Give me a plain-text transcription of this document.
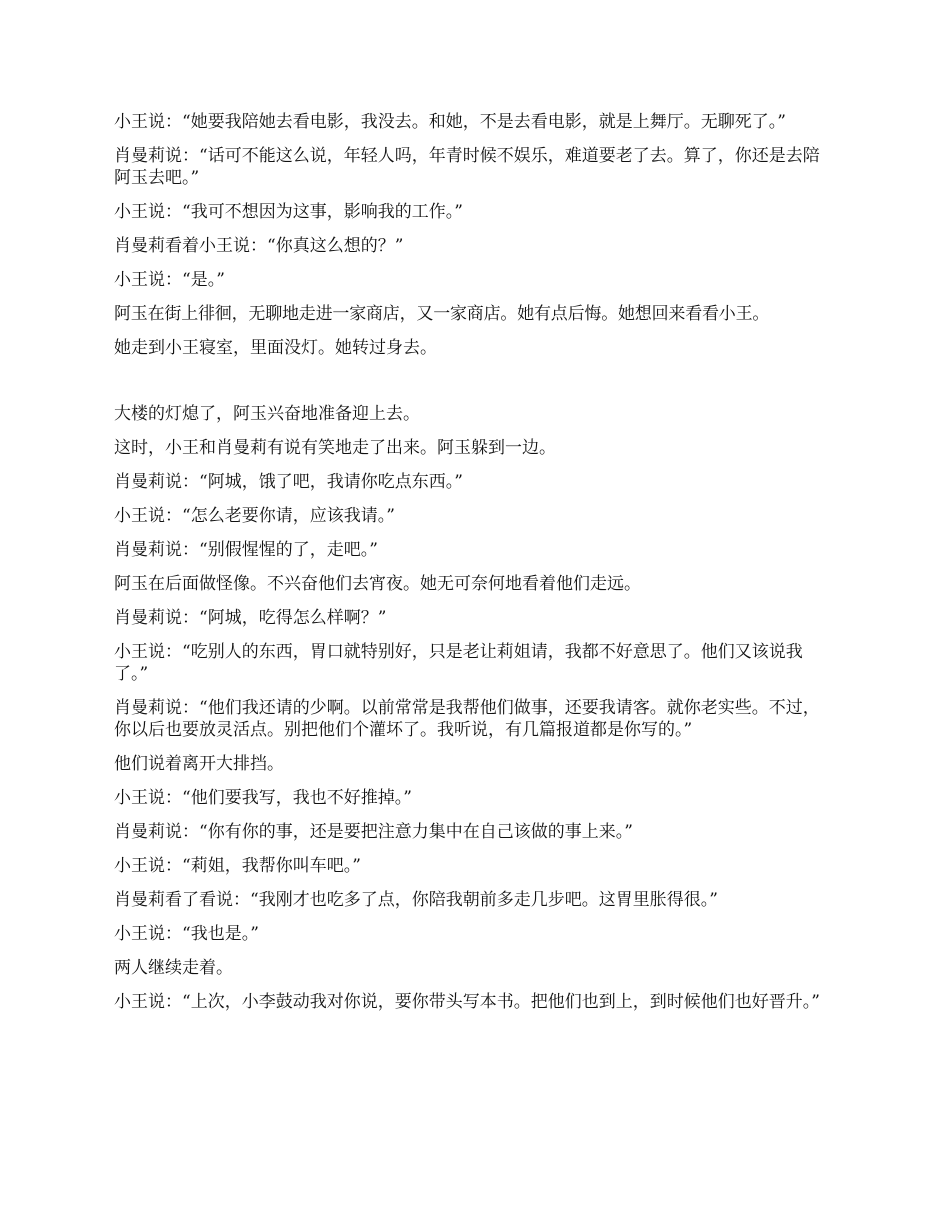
小王说：“她要我陪她去看电影，我没去。和她，不是去看电影，就是上舞厅。无聊死了。”

肖曼莉说：“话可不能这么说，年轻人吗，年青时候不娱乐，难道要老了去。算了，你还是去陪阿玉去吧。”

小王说：“我可不想因为这事，影响我的工作。”

肖曼莉看着小王说：“你真这么想的？”

小王说：“是。”

阿玉在街上徘徊，无聊地走进一家商店，又一家商店。她有点后悔。她想回来看看小王。

她走到小王寝室，里面没灯。她转过身去。

大楼的灯熄了，阿玉兴奋地准备迎上去。

这时，小王和肖曼莉有说有笑地走了出来。阿玉躲到一边。

肖曼莉说：“阿城，饿了吧，我请你吃点东西。”

小王说：“怎么老要你请，应该我请。”

肖曼莉说：“别假惺惺的了，走吧。”

阿玉在后面做怪像。不兴奋他们去宵夜。她无可奈何地看着他们走远。

肖曼莉说：“阿城，吃得怎么样啊？”

小王说：“吃别人的东西，胃口就特别好，只是老让莉姐请，我都不好意思了。他们又该说我了。”

肖曼莉说：“他们我还请的少啊。以前常常是我帮他们做事，还要我请客。就你老实些。不过，你以后也要放灵活点。别把他们个灌坏了。我听说，有几篇报道都是你写的。”

他们说着离开大排挡。

小王说：“他们要我写，我也不好推掉。”

肖曼莉说：“你有你的事，还是要把注意力集中在自己该做的事上来。”

小王说：“莉姐，我帮你叫车吧。”

肖曼莉看了看说：“我刚才也吃多了点，你陪我朝前多走几步吧。这胃里胀得很。”

小王说：“我也是。”

两人继续走着。

小王说：“上次，小李鼓动我对你说，要你带头写本书。把他们也到上，到时候他们也好晋升。”
